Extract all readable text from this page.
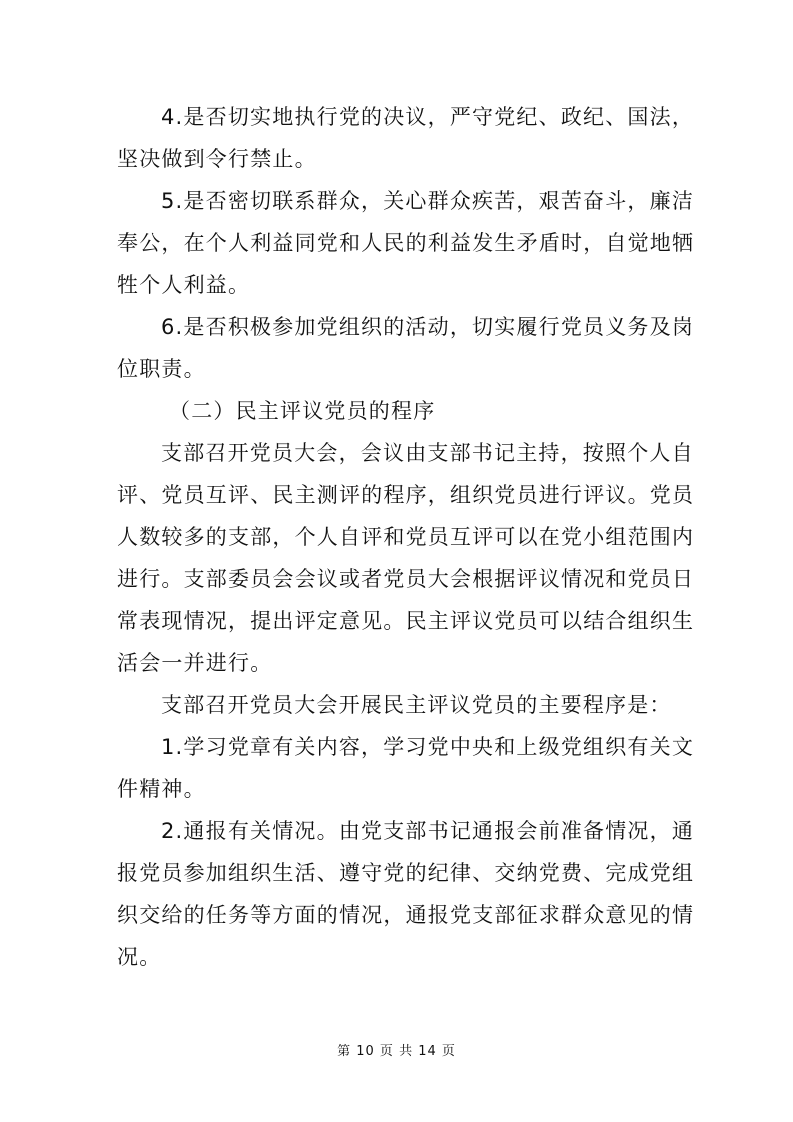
4.是否切实地执行党的决议，严守党纪、政纪、国法，
坚决做到令行禁止。
5.是否密切联系群众，关心群众疾苦，艰苦奋斗，廉洁
奉公，在个人利益同党和人民的利益发生矛盾时，自觉地牺
牲个人利益。
6.是否积极参加党组织的活动，切实履行党员义务及岗
位职责。
（二）民主评议党员的程序
支部召开党员大会，会议由支部书记主持，按照个人自
评、党员互评、民主测评的程序，组织党员进行评议。党员
人数较多的支部，个人自评和党员互评可以在党小组范围内
进行。支部委员会会议或者党员大会根据评议情况和党员日
常表现情况，提出评定意见。民主评议党员可以结合组织生
活会一并进行。
支部召开党员大会开展民主评议党员的主要程序是：
1.学习党章有关内容，学习党中央和上级党组织有关文
件精神。
2.通报有关情况。由党支部书记通报会前准备情况，通
报党员参加组织生活、遵守党的纪律、交纳党费、完成党组
织交给的任务等方面的情况，通报党支部征求群众意见的情
况。
第 10 页 共 14 页
